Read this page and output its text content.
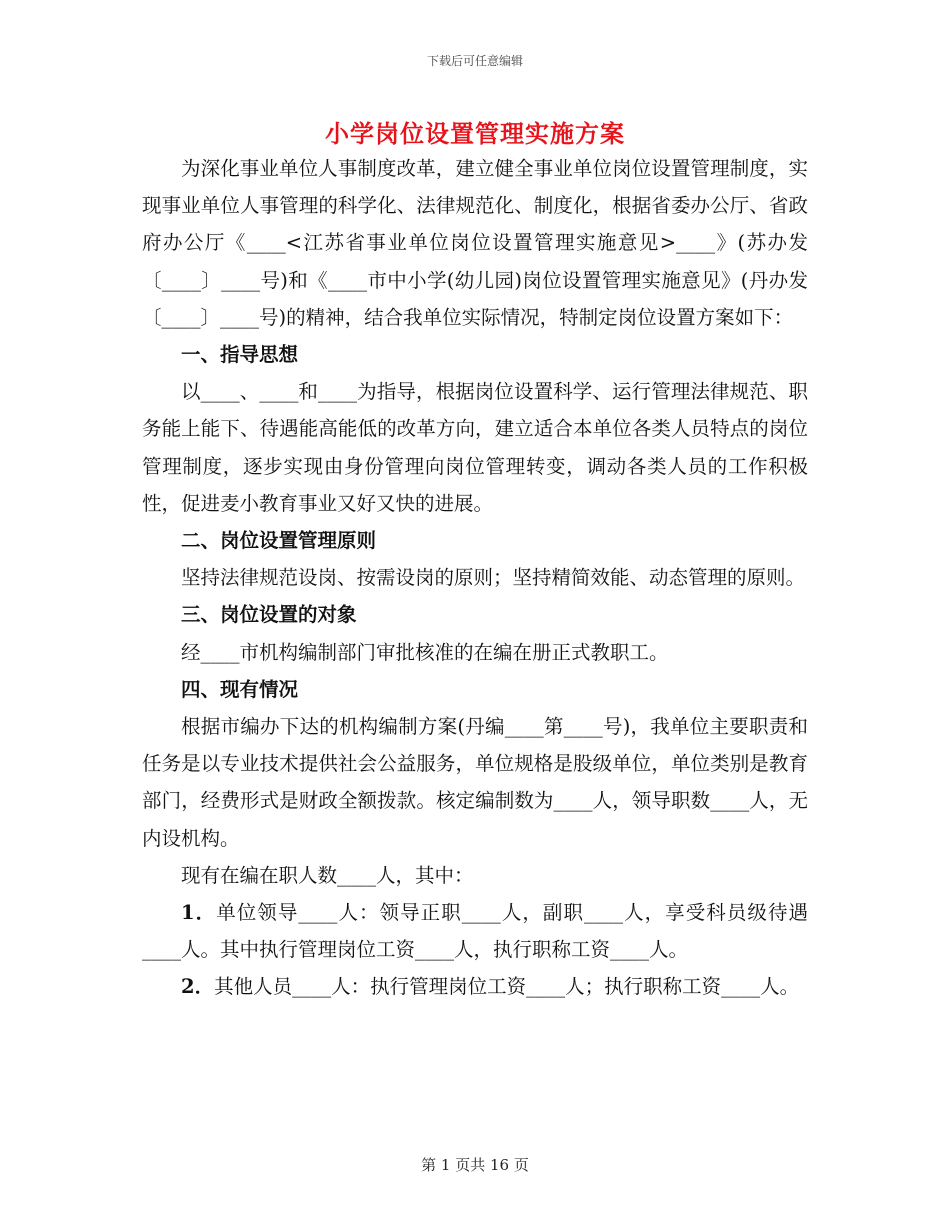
下载后可任意编辑
小学岗位设置管理实施方案

为深化事业单位人事制度改革，建立健全事业单位岗位设置管理制度，实现事业单位人事管理的科学化、法律规范化、制度化，根据省委办公厅、省政府办公厅《____<江苏省事业单位岗位设置管理实施意见>____》(苏办发〔____〕____号)和《____市中小学(幼儿园)岗位设置管理实施意见》(丹办发〔____〕____号)的精神，结合我单位实际情况，特制定岗位设置方案如下：

一、指导思想

以____、____和____为指导，根据岗位设置科学、运行管理法律规范、职务能上能下、待遇能高能低的改革方向，建立适合本单位各类人员特点的岗位管理制度，逐步实现由身份管理向岗位管理转变，调动各类人员的工作积极性，促进麦小教育事业又好又快的进展。

二、岗位设置管理原则

坚持法律规范设岗、按需设岗的原则；坚持精简效能、动态管理的原则。

三、岗位设置的对象

经____市机构编制部门审批核准的在编在册正式教职工。

四、现有情况

根据市编办下达的机构编制方案(丹编____第____号)，我单位主要职责和任务是以专业技术提供社会公益服务，单位规格是股级单位，单位类别是教育部门，经费形式是财政全额拨款。核定编制数为____人，领导职数____人，无内设机构。

现有在编在职人数____人，其中：

1．单位领导____人：领导正职____人，副职____人，享受科员级待遇____人。其中执行管理岗位工资____人，执行职称工资____人。

2．其他人员____人：执行管理岗位工资____人；执行职称工资____人。

第 1 页共 16 页
